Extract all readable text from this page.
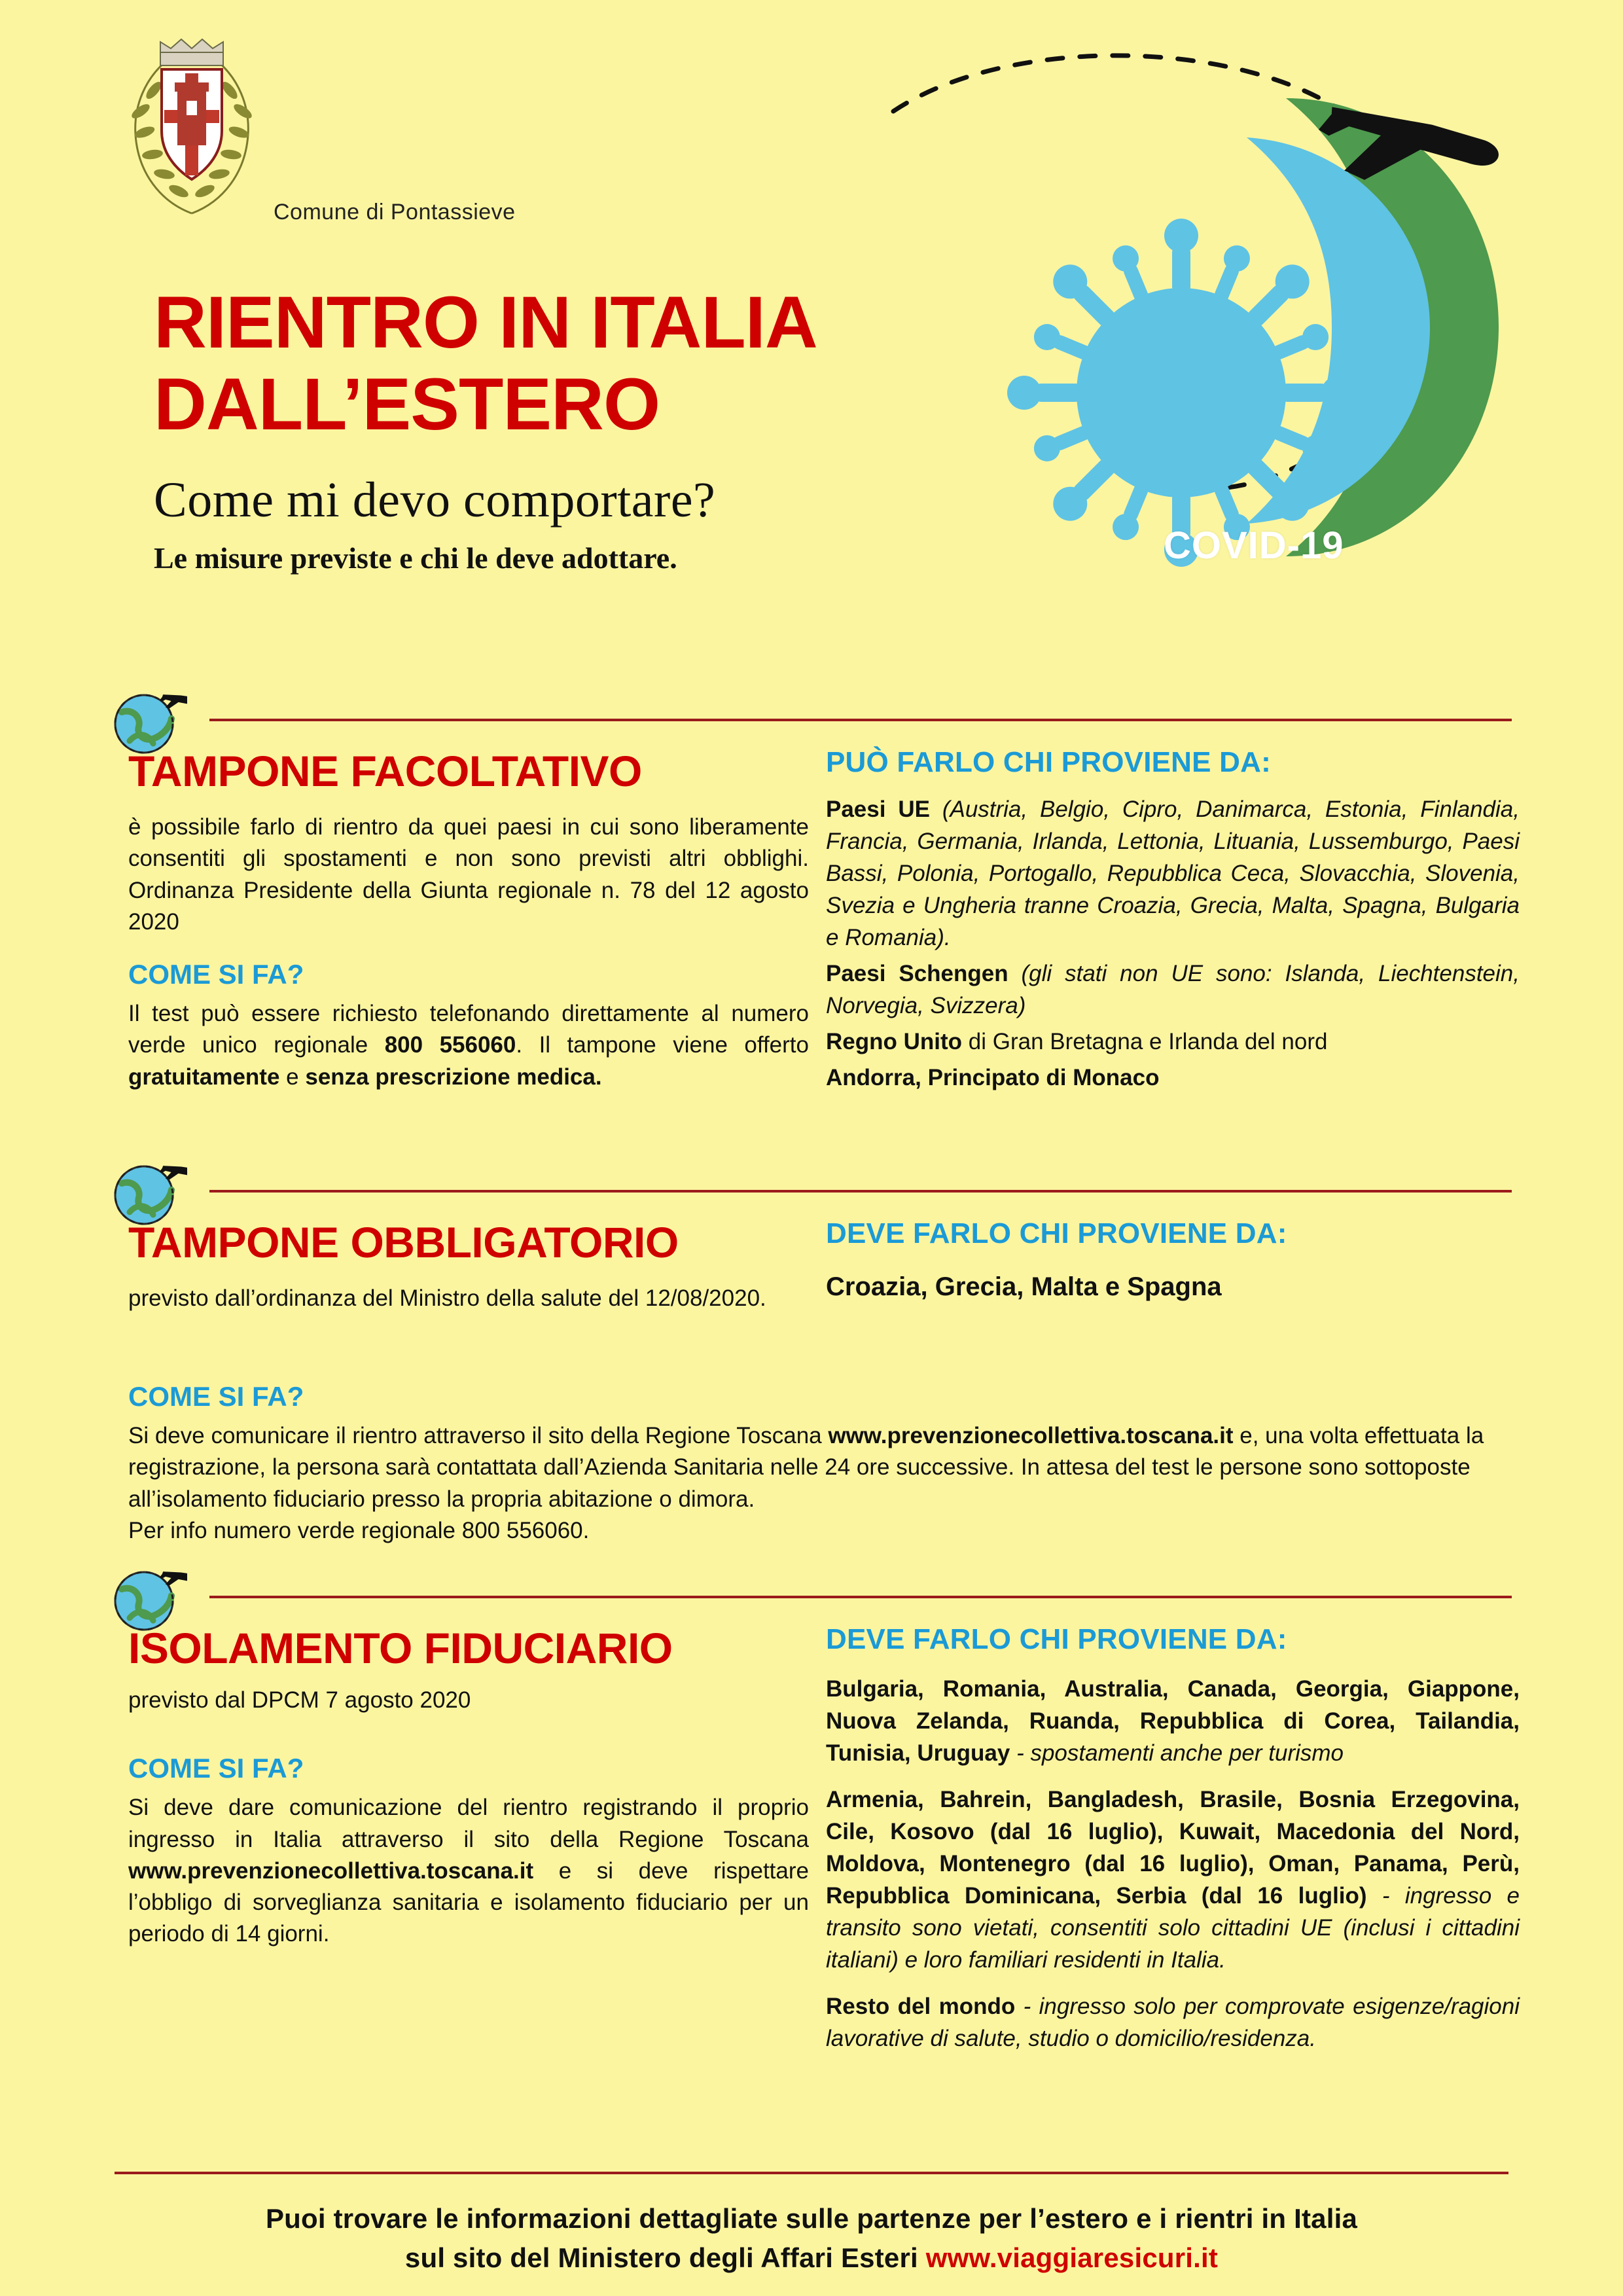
Comune di Pontassieve
COVID-19
RIENTRO IN ITALIA
DALL’ESTERO
Come mi devo comportare?
Le misure previste e chi le deve adottare.
TAMPONE FACOLTATIVO

è possibile farlo di rientro da quei paesi in cui sono liberamente consentiti gli spostamenti e non sono previsti altri obblighi. Ordinanza Presidente della Giunta regionale n. 78 del 12 agosto 2020

COME SI FA?

Il test può essere richiesto telefonando direttamente al numero verde unico regionale 800 556060. Il tampone viene offerto gratuitamente e senza prescrizione medica.

PUÒ FARLO CHI PROVIENE DA:

Paesi UE (Austria, Belgio, Cipro, Danimarca, Estonia, Finlandia, Francia, Germania, Irlanda, Lettonia, Lituania, Lussemburgo, Paesi Bassi, Polonia, Portogallo, Repubblica Ceca, Slovacchia, Slovenia, Svezia e Ungheria tranne Croazia, Grecia, Malta, Spagna, Bulgaria e Romania).

Paesi Schengen (gli stati non UE sono: Islanda, Liechtenstein, Norvegia, Svizzera)

Regno Unito di Gran Bretagna e Irlanda del nord

Andorra, Principato di Monaco

TAMPONE OBBLIGATORIO

previsto dall’ordinanza del Ministro della salute del 12/08/2020.

DEVE FARLO CHI PROVIENE DA:

Croazia, Grecia, Malta e Spagna

COME SI FA?

Si deve comunicare il rientro attraverso il sito della Regione Toscana www.prevenzionecollettiva.toscana.it e, una volta effettuata la registrazione, la persona sarà contattata dall’Azienda Sanitaria nelle 24 ore successive. In attesa del test le persone sono sottoposte all’isolamento fiduciario presso la propria abitazione o dimora.

Per info numero verde regionale 800 556060.

ISOLAMENTO FIDUCIARIO

previsto dal DPCM 7 agosto 2020

COME SI FA?

Si deve dare comunicazione del rientro registrando il proprio ingresso in Italia attraverso il sito della Regione Toscana www.prevenzionecollettiva.toscana.it e si deve rispettare l’obbligo di sorveglianza sanitaria e isolamento fiduciario per un periodo di 14 giorni.

DEVE FARLO CHI PROVIENE DA:

Bulgaria, Romania, Australia, Canada, Georgia, Giappone, Nuova Zelanda, Ruanda, Repubblica di Corea, Tailandia, Tunisia, Uruguay - spostamenti anche per turismo

Armenia, Bahrein, Bangladesh, Brasile, Bosnia Erzegovina, Cile, Kosovo (dal 16 luglio), Kuwait, Macedonia del Nord, Moldova, Montenegro (dal 16 luglio), Oman, Panama, Perù, Repubblica Dominicana, Serbia (dal 16 luglio) - ingresso e transito sono vietati, consentiti solo cittadini UE (inclusi i cittadini italiani) e loro familiari residenti in Italia.

Resto del mondo - ingresso solo per comprovate esigenze/ragioni lavorative di salute, studio o domicilio/residenza.

Puoi trovare le informazioni dettagliate sulle partenze per l’estero e i rientri in Italia
sul sito del Ministero degli Affari Esteri www.viaggiaresicuri.it
